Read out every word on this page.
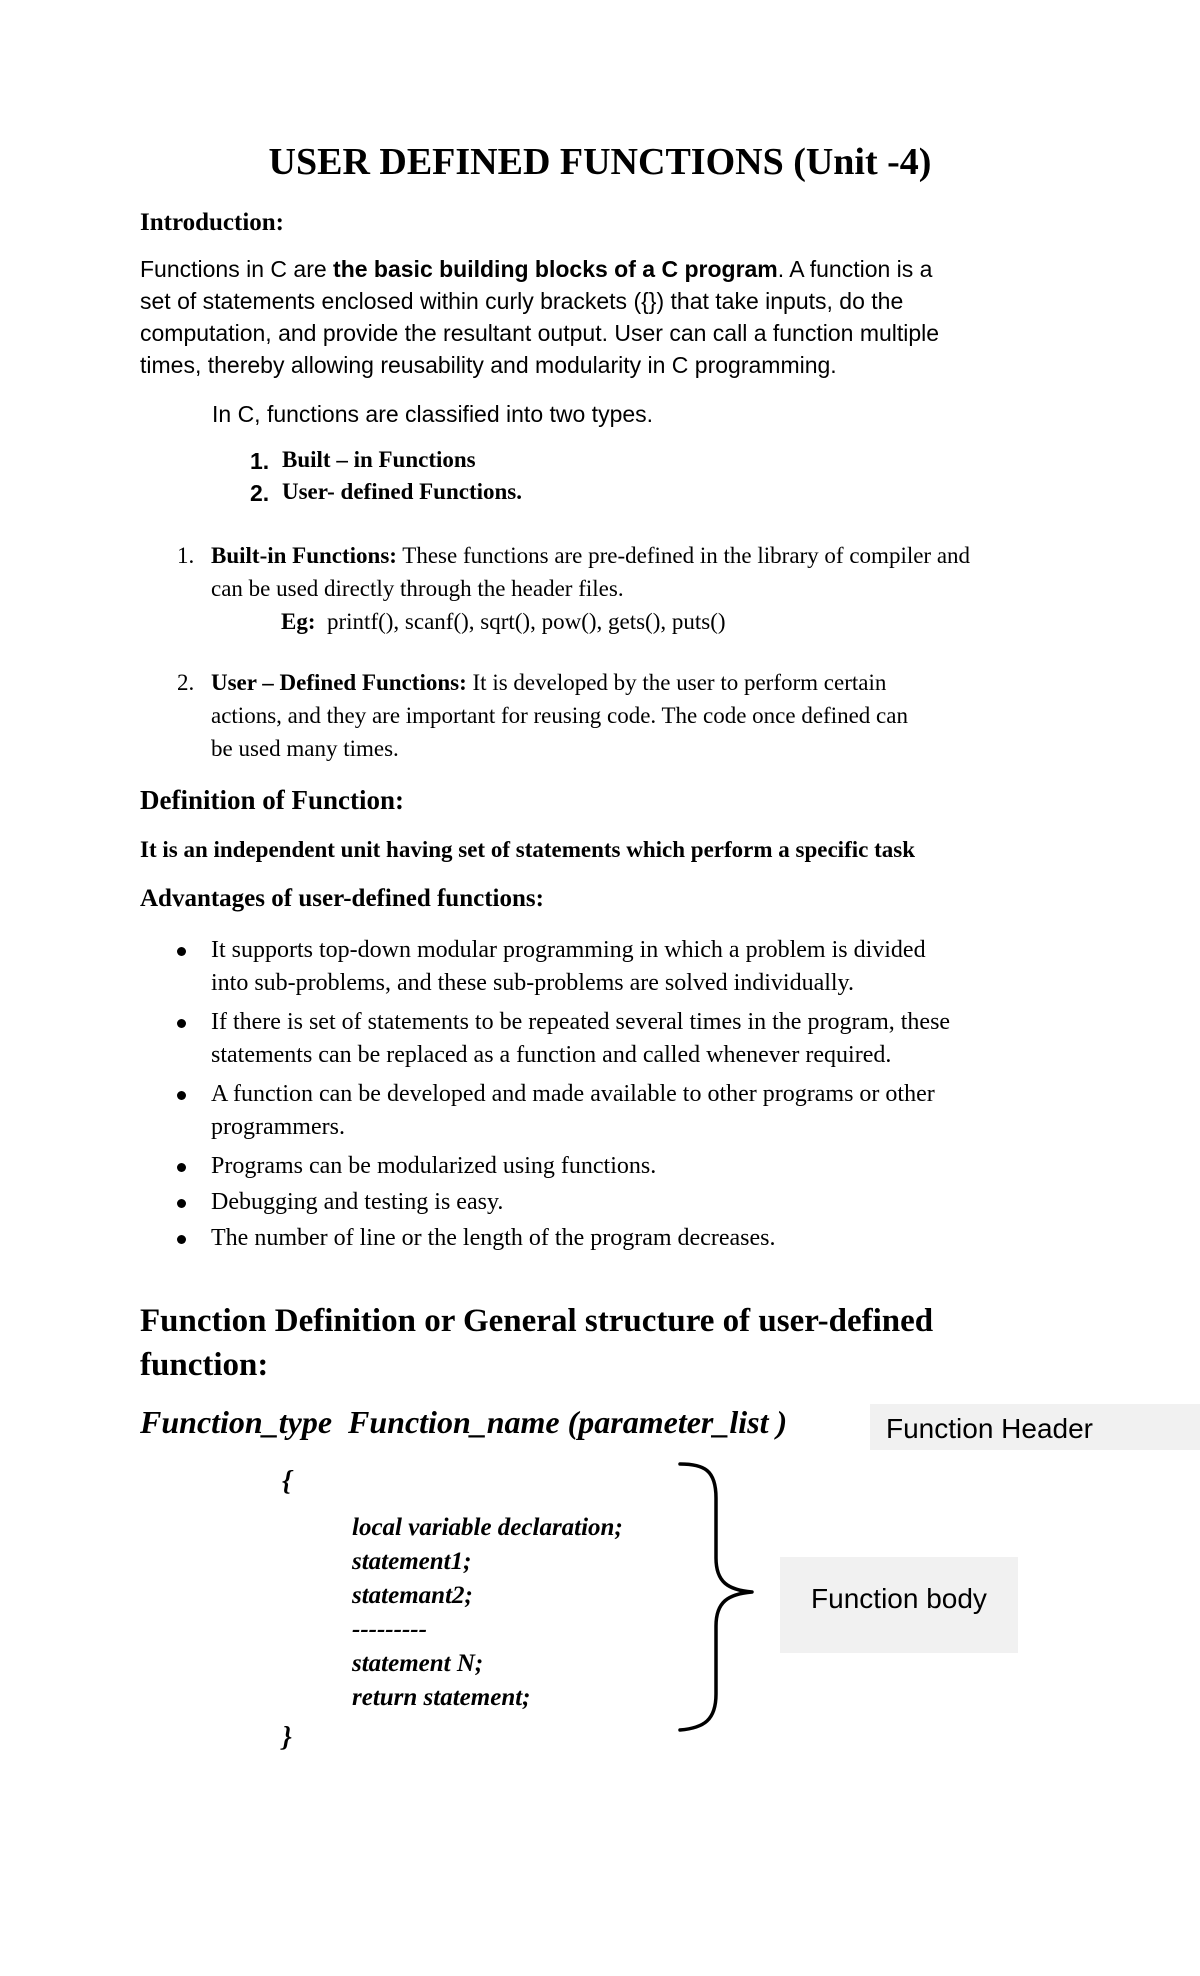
USER DEFINED FUNCTIONS (Unit -4)
Introduction:
Functions in C are the basic building blocks of a C program. A function is a
set of statements enclosed within curly brackets ({}) that take inputs, do the
computation, and provide the resultant output. User can call a function multiple
times, thereby allowing reusability and modularity in C programming.
In C, functions are classified into two types.
1. Built – in Functions
2. User- defined Functions.
1. Built-in Functions: These functions are pre-defined in the library of compiler and
can be used directly through the header files.
Eg:  printf(), scanf(), sqrt(), pow(), gets(), puts()
2. User – Defined Functions: It is developed by the user to perform certain
actions, and they are important for reusing code. The code once defined can
be used many times.
Definition of Function:
It is an independent unit having set of statements which perform a specific task
Advantages of user-defined functions:
It supports top-down modular programming in which a problem is divided
into sub-problems, and these sub-problems are solved individually.
If there is set of statements to be repeated several times in the program, these
statements can be replaced as a function and called whenever required.
A function can be developed and made available to other programs or other
programmers.
Programs can be modularized using functions.
Debugging and testing is easy.
The number of line or the length of the program decreases.
Function Definition or General structure of user-defined
function:
Function_type  Function_name (parameter_list )	Function Header
{
local variable declaration;
statement1;
statemant2;
---------
statement N;
return statement;
}
Function body
